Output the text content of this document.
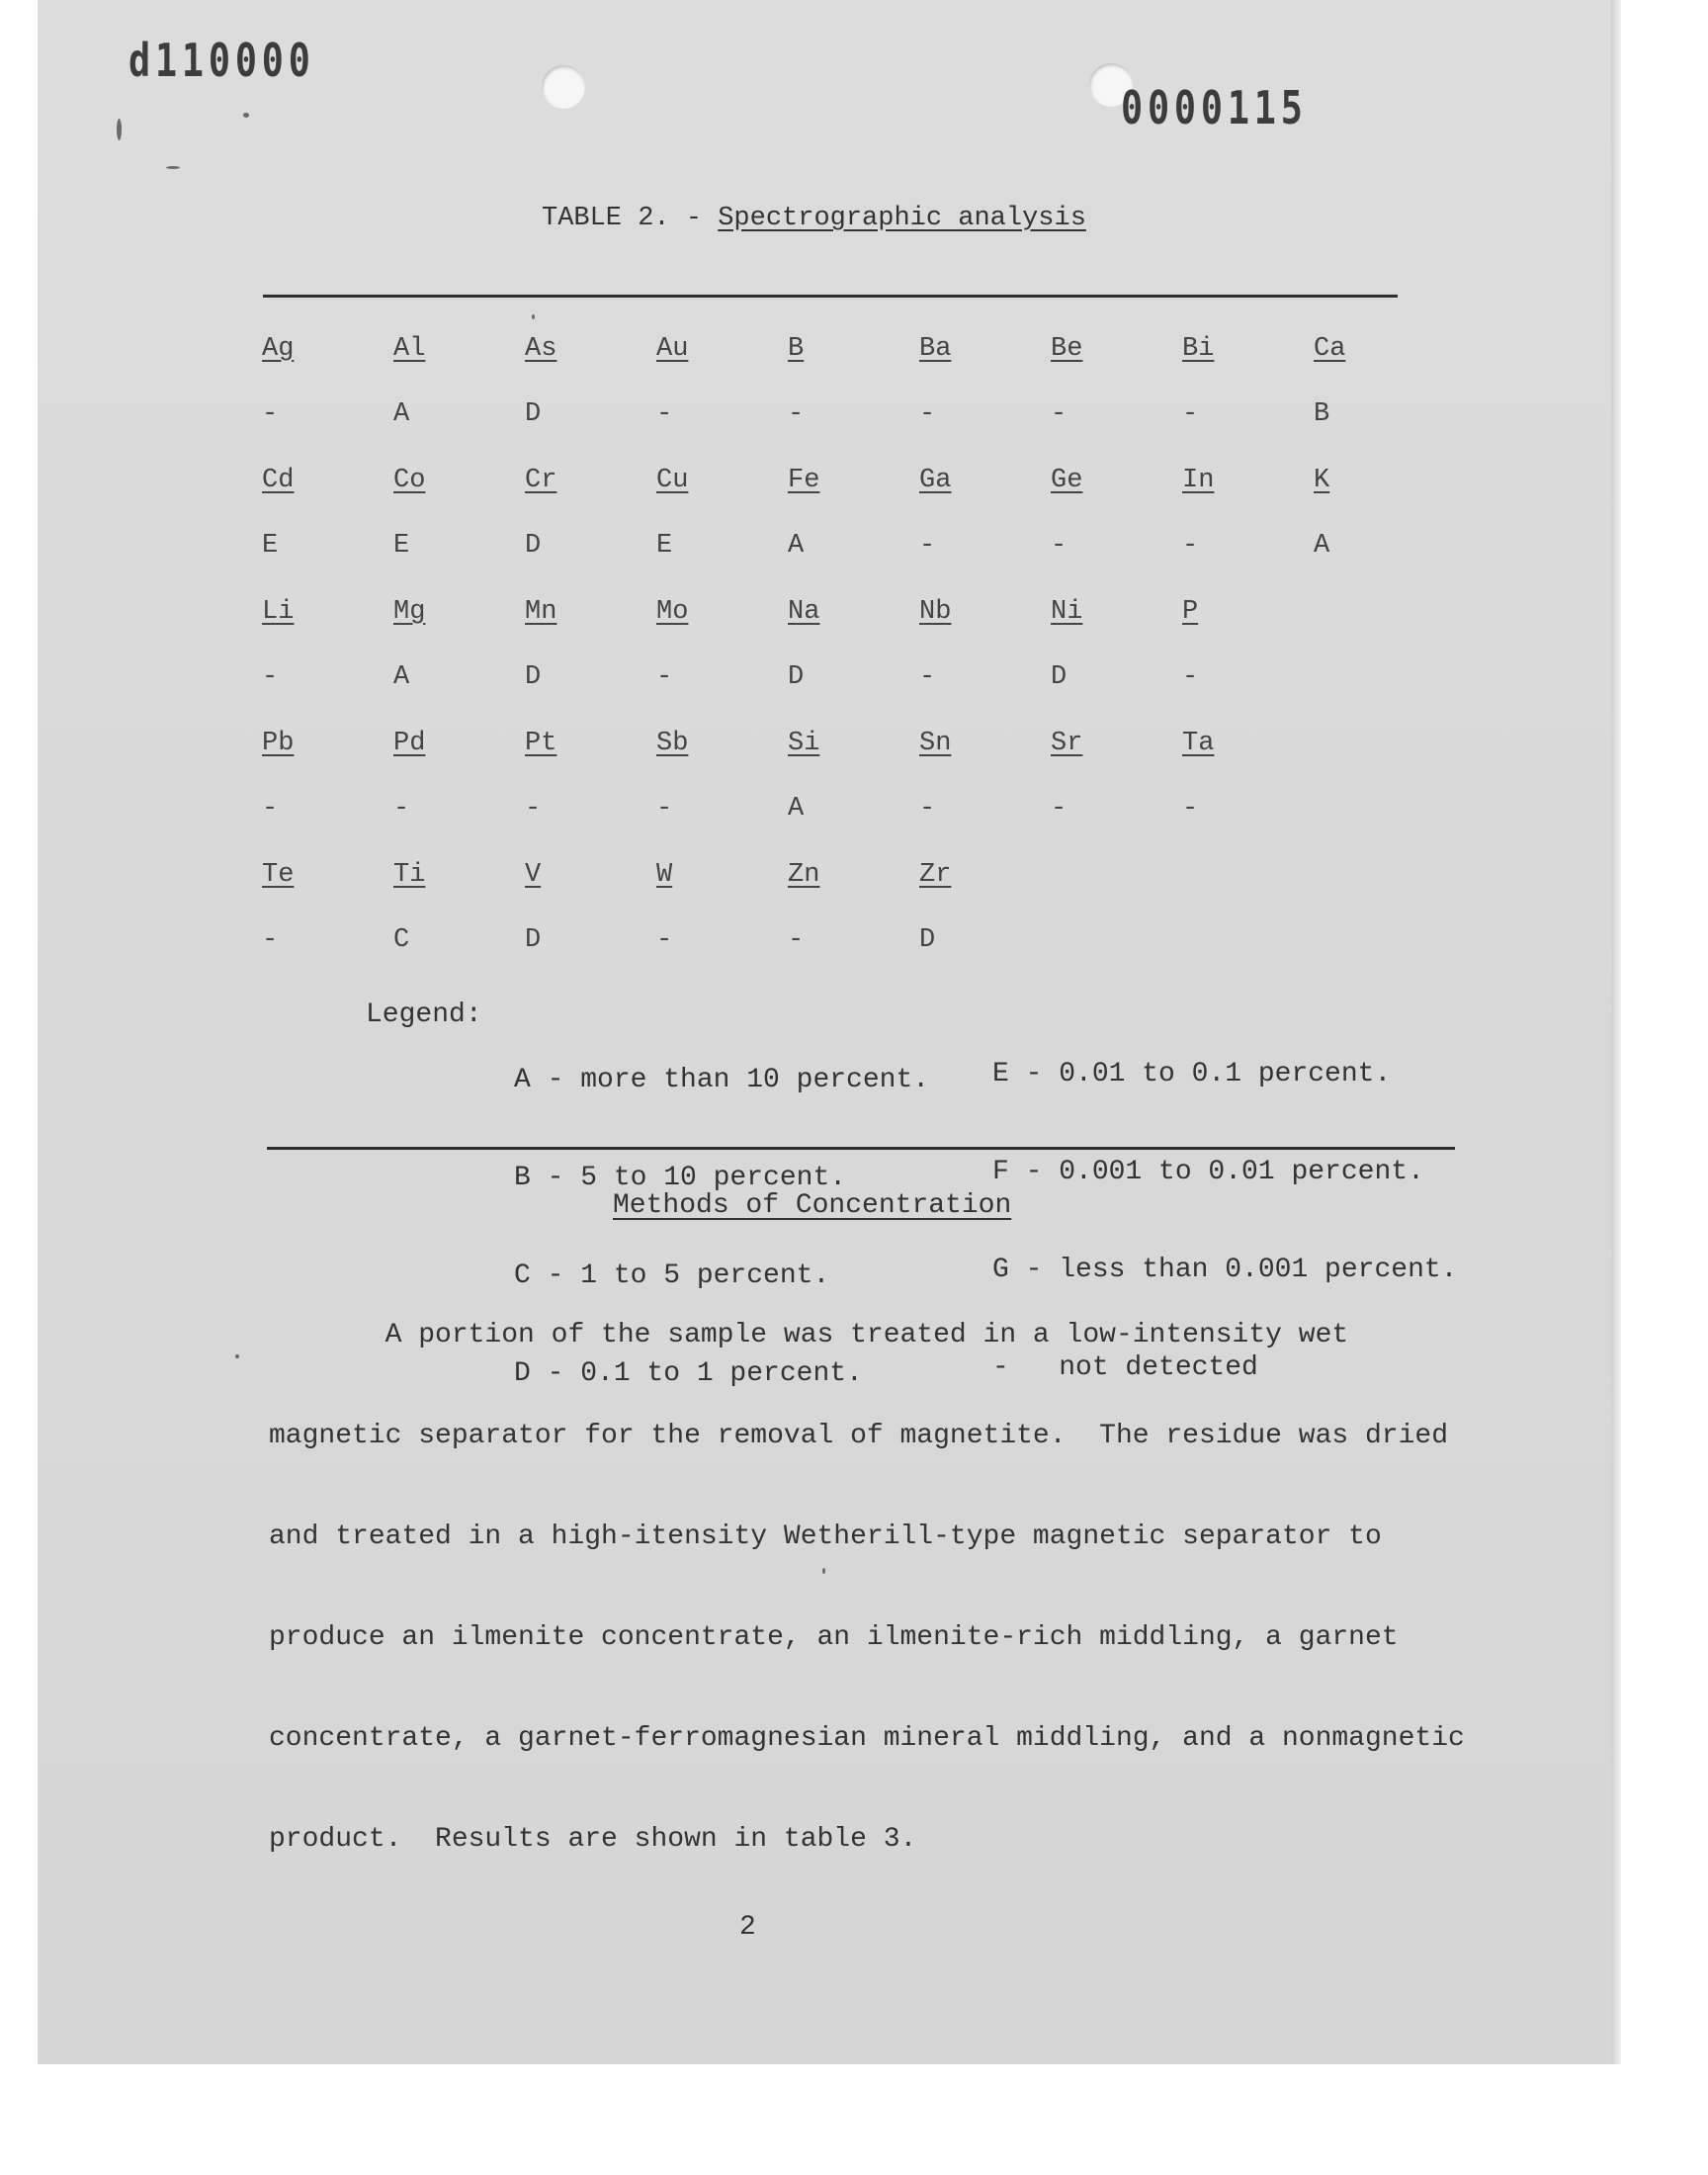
d110000
0000115
TABLE 2. - Spectrographic analysis
Ag	Al	As	Au	B	Ba	Be	Bi	Ca
-	A	D	-	-	-	-	-	B
Cd	Co	Cr	Cu	Fe	Ga	Ge	In	K
E	E	D	E	A	-	-	-	A
Li	Mg	Mn	Mo	Na	Nb	Ni	P
-	A	D	-	D	-	D	-
Pb	Pd	Pt	Sb	Si	Sn	Sr	Ta
-	-	-	-	A	-	-	-
Te	Ti	V	W	Zn	Zr
-	C	D	-	-	D
Legend:

A - more than 10 percent.

B - 5 to 10 percent.

C - 1 to 5 percent.

D - 0.1 to 1 percent.

E - 0.01 to 0.1 percent.

F - 0.001 to 0.01 percent.

G - less than 0.001 percent.

-   not detected

Methods of Concentration

A portion of the sample was treated in a low-intensity wet

magnetic separator for the removal of magnetite.  The residue was dried

and treated in a high-itensity Wetherill-type magnetic separator to

produce an ilmenite concentrate, an ilmenite-rich middling, a garnet

concentrate, a garnet-ferromagnesian mineral middling, and a nonmagnetic

product.  Results are shown in table 3.

2
